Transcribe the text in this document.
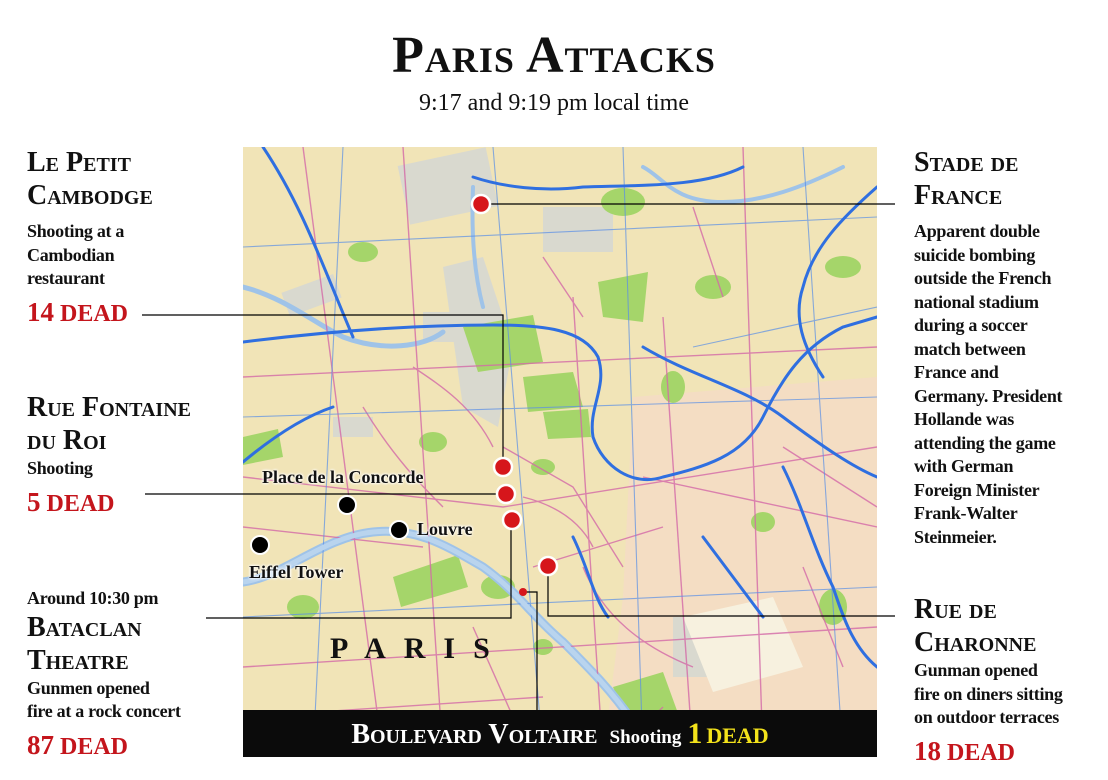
Paris Attacks
9:17 and 9:19 pm local time
Place de la Concorde
Louvre
Eiffel Tower
PARIS
Le Petit
Cambodge
Shooting at a
Cambodian
restaurant
14 DEAD
Rue Fontaine
du Roi
Shooting
5 DEAD
Around 10:30 pm
Bataclan
Theatre
Gunmen opened
fire at a rock concert
87 DEAD
Stade de
France
Apparent double
suicide bombing
outside the French
national stadium
during a soccer
match between
France and
Germany. President
Hollande was
attending the game
with German
Foreign Minister
Frank-Walter
Steinmeier.
Rue de
Charonne
Gunman opened
fire on diners sitting
on outdoor terraces
18 DEAD
Boulevard Voltaire Shooting 1 DEAD
